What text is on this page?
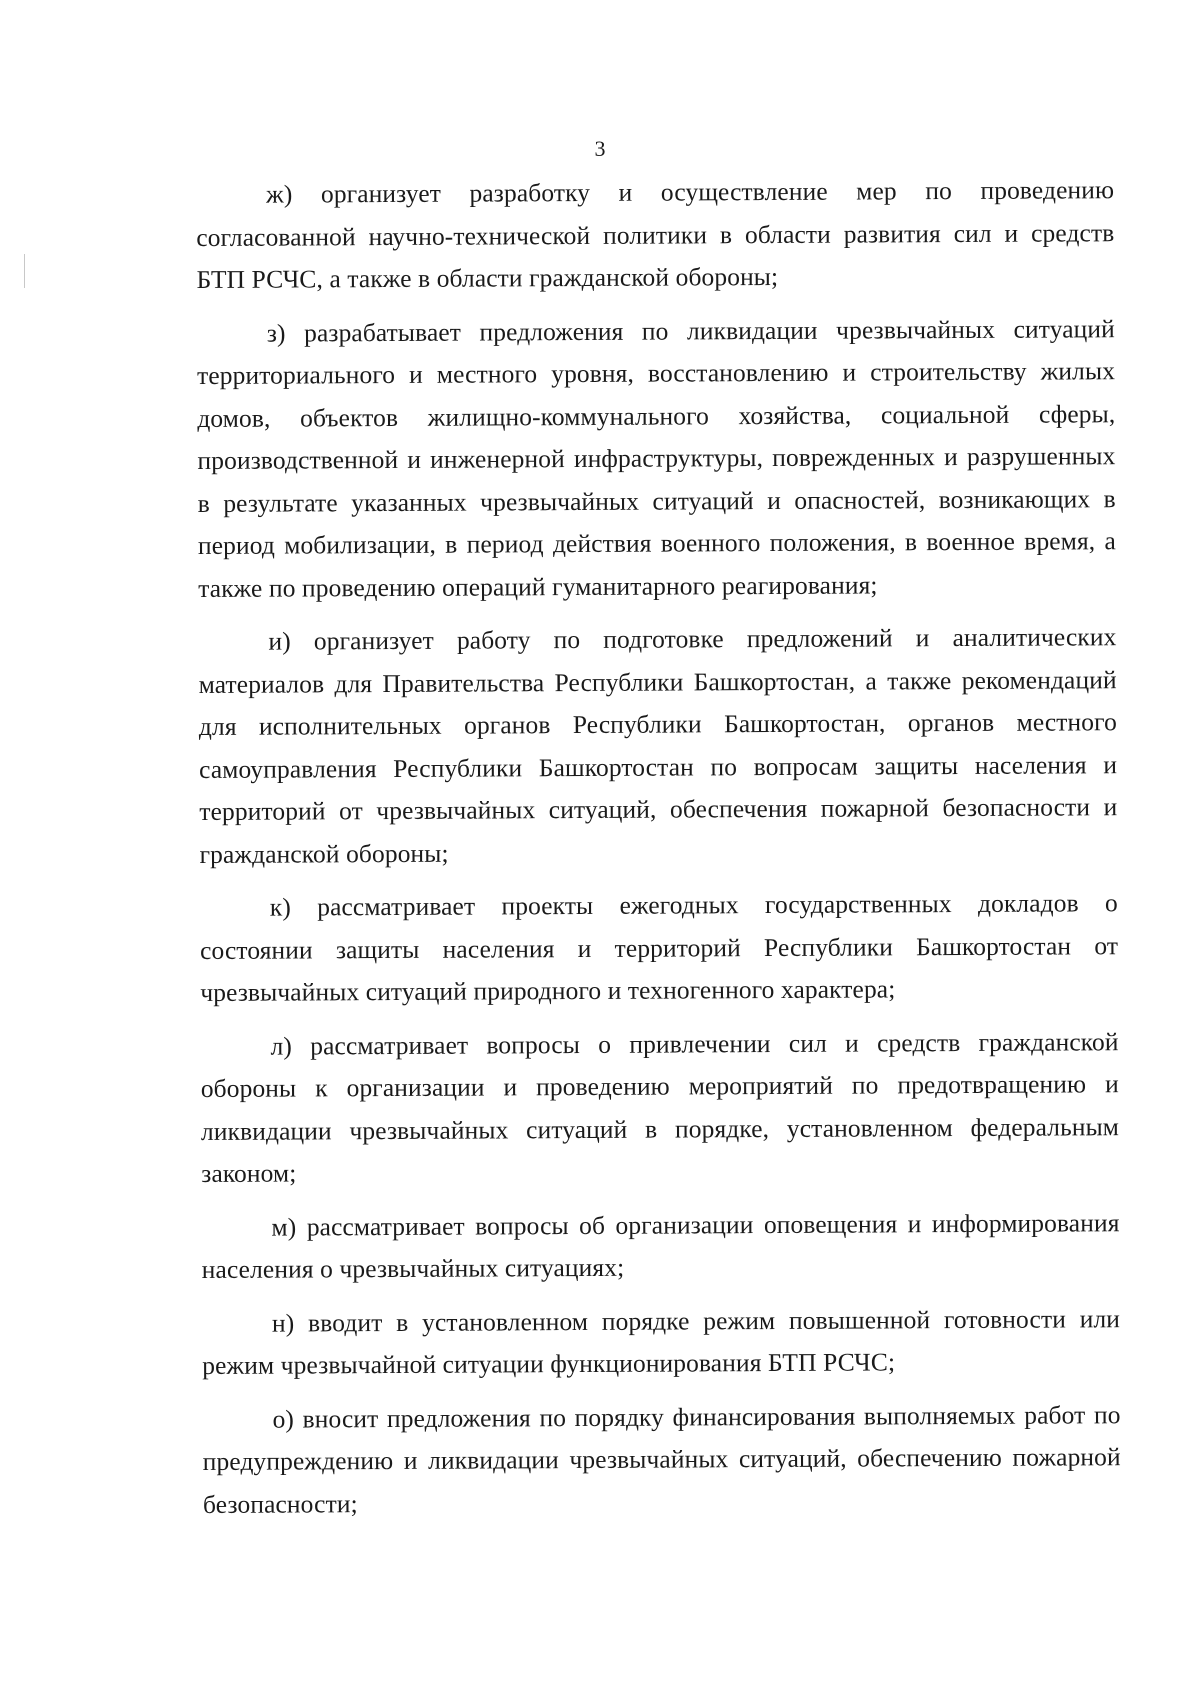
3

ж) организует разработку и осуществление мер по проведению согласованной научно-технической политики в области развития сил и средств БТП РСЧС, а также в области гражданской обороны;

з) разрабатывает предложения по ликвидации чрезвычайных ситуаций территориального и местного уровня, восстановлению и строительству жилых домов, объектов жилищно-коммунального хозяйства, социальной сферы, производственной и инженерной инфраструктуры, поврежденных и разрушенных в результате указанных чрезвычайных ситуаций и опасностей, возникающих в период мобилизации, в период действия военного положения, в военное время, а также по проведению операций гуманитарного реагирования;

и) организует работу по подготовке предложений и аналитических материалов для Правительства Республики Башкортостан, а также рекомендаций для исполнительных органов Республики Башкортостан, органов местного самоуправления Республики Башкортостан по вопросам защиты населения и территорий от чрезвычайных ситуаций, обеспечения пожарной безопасности и гражданской обороны;

к) рассматривает проекты ежегодных государственных докладов о состоянии защиты населения и территорий Республики Башкортостан от чрезвычайных ситуаций природного и техногенного характера;

л) рассматривает вопросы о привлечении сил и средств гражданской обороны к организации и проведению мероприятий по предотвращению и ликвидации чрезвычайных ситуаций в порядке, установленном федеральным законом;

м) рассматривает вопросы об организации оповещения и информирования населения о чрезвычайных ситуациях;

н) вводит в установленном порядке режим повышенной готовности или режим чрезвычайной ситуации функционирования БТП РСЧС;

о) вносит предложения по порядку финансирования выполняемых работ по предупреждению и ликвидации чрезвычайных ситуаций, обеспечению пожарной безопасности;
